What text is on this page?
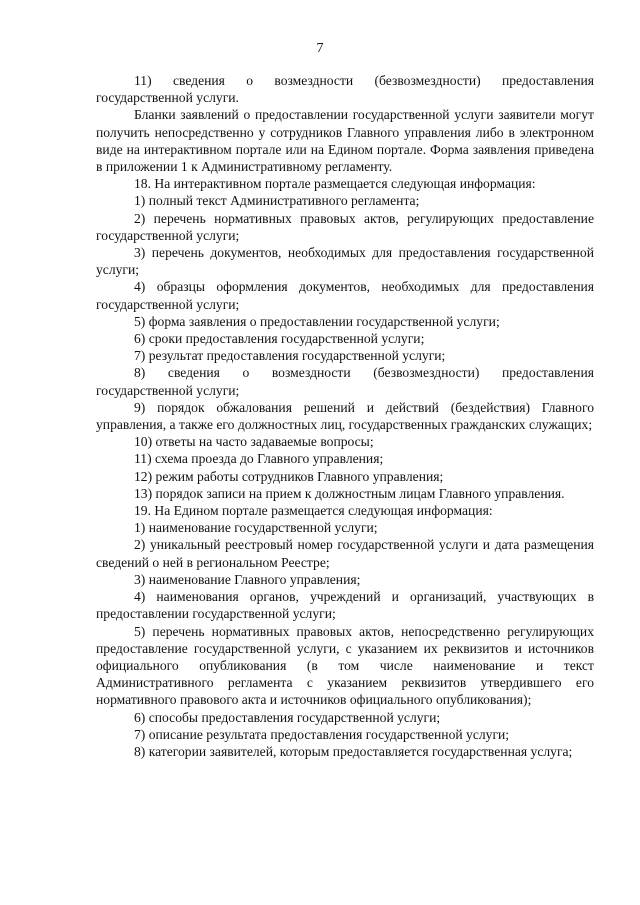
7

11) сведения о возмездности (безвозмездности) предоставления государственной услуги.

Бланки заявлений о предоставлении государственной услуги заявители могут получить непосредственно у сотрудников Главного управления либо в электронном виде на интерактивном портале или на Едином портале. Форма заявления приведена в приложении 1 к Административному регламенту.

18. На интерактивном портале размещается следующая информация:

1) полный текст Административного регламента;

2) перечень нормативных правовых актов, регулирующих предоставление государственной услуги;

3) перечень документов, необходимых для предоставления государственной услуги;

4) образцы оформления документов, необходимых для предоставления государственной услуги;

5) форма заявления о предоставлении государственной услуги;

6) сроки предоставления государственной услуги;

7) результат предоставления государственной услуги;

8) сведения о возмездности (безвозмездности) предоставления государственной услуги;

9) порядок обжалования решений и действий (бездействия) Главного управления, а также его должностных лиц, государственных гражданских служащих;

10) ответы на часто задаваемые вопросы;

11) схема проезда до Главного управления;

12) режим работы сотрудников Главного управления;

13) порядок записи на прием к должностным лицам Главного управления.

19. На Едином портале размещается следующая информация:

1) наименование государственной услуги;

2) уникальный реестровый номер государственной услуги и дата размещения сведений о ней в региональном Реестре;

3) наименование Главного управления;

4) наименования органов, учреждений и организаций, участвующих в предоставлении государственной услуги;

5) перечень нормативных правовых актов, непосредственно регулирующих предоставление государственной услуги, с указанием их реквизитов и источников официального опубликования (в том числе наименование и текст Административного регламента с указанием реквизитов утвердившего его нормативного правового акта и источников официального опубликования);

6) способы предоставления государственной услуги;

7) описание результата предоставления государственной услуги;

8) категории заявителей, которым предоставляется государственная услуга;
